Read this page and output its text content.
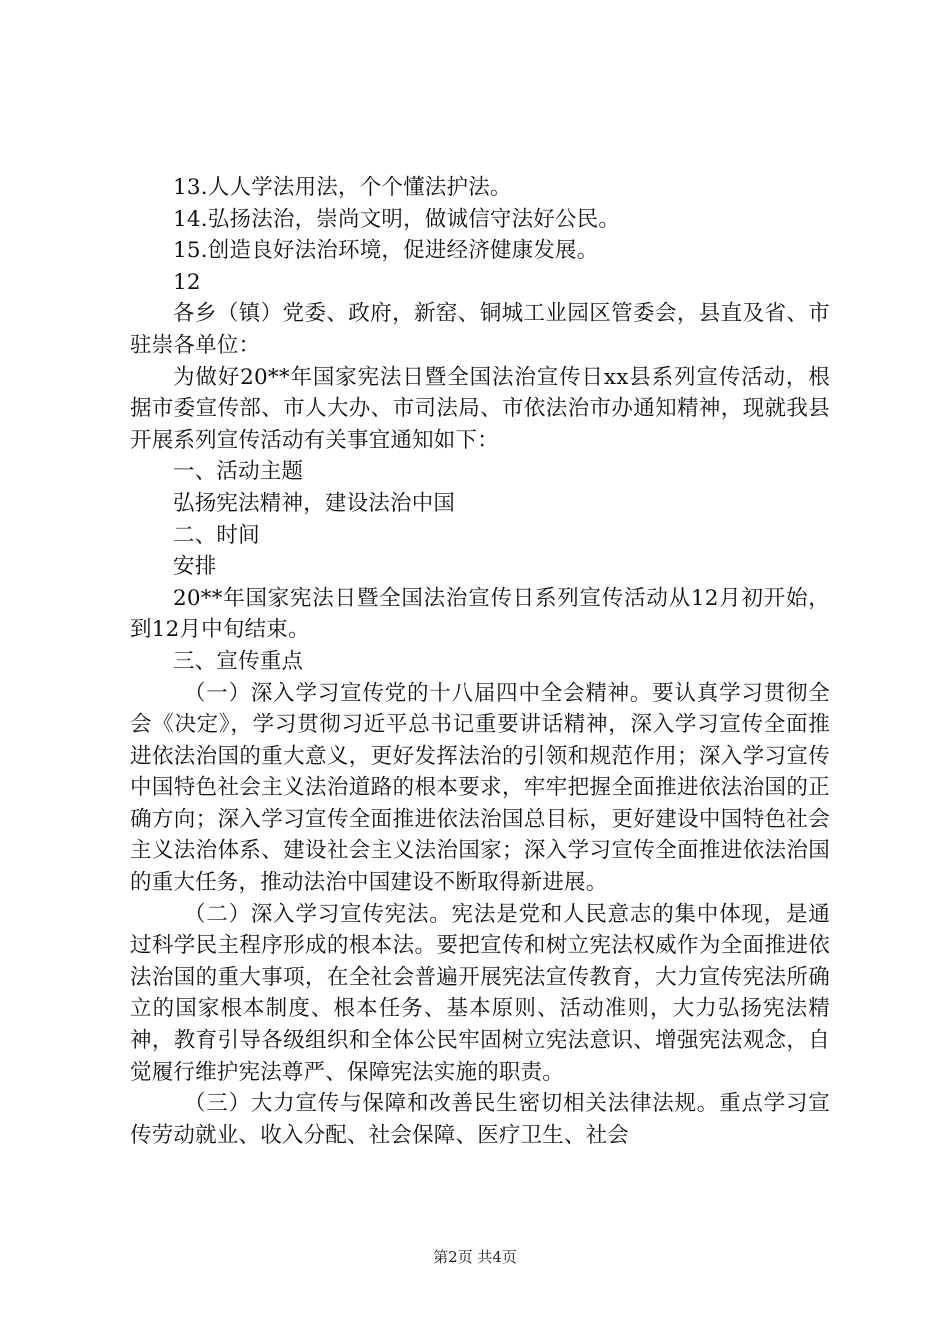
13.人人学法用法，个个懂法护法。

14.弘扬法治，崇尚文明，做诚信守法好公民。

15.创造良好法治环境，促进经济健康发展。

12

各乡（镇）党委、政府，新窑、铜城工业园区管委会，县直及省、市驻崇各单位：

为做好20**年国家宪法日暨全国法治宣传日xx县系列宣传活动，根据市委宣传部、市人大办、市司法局、市依法治市办通知精神，现就我县开展系列宣传活动有关事宜通知如下：

一、活动主题

弘扬宪法精神，建设法治中国

二、时间

安排

20**年国家宪法日暨全国法治宣传日系列宣传活动从12月初开始，到12月中旬结束。

三、宣传重点

（一）深入学习宣传党的十八届四中全会精神。要认真学习贯彻全会《决定》，学习贯彻习近平总书记重要讲话精神，深入学习宣传全面推进依法治国的重大意义，更好发挥法治的引领和规范作用；深入学习宣传中国特色社会主义法治道路的根本要求，牢牢把握全面推进依法治国的正确方向；深入学习宣传全面推进依法治国总目标，更好建设中国特色社会主义法治体系、建设社会主义法治国家；深入学习宣传全面推进依法治国的重大任务，推动法治中国建设不断取得新进展。

（二）深入学习宣传宪法。宪法是党和人民意志的集中体现，是通过科学民主程序形成的根本法。要把宣传和树立宪法权威作为全面推进依法治国的重大事项，在全社会普遍开展宪法宣传教育，大力宣传宪法所确立的国家根本制度、根本任务、基本原则、活动准则，大力弘扬宪法精神，教育引导各级组织和全体公民牢固树立宪法意识、增强宪法观念，自觉履行维护宪法尊严、保障宪法实施的职责。

（三）大力宣传与保障和改善民生密切相关法律法规。重点学习宣传劳动就业、收入分配、社会保障、医疗卫生、社会

第2页 共4页
